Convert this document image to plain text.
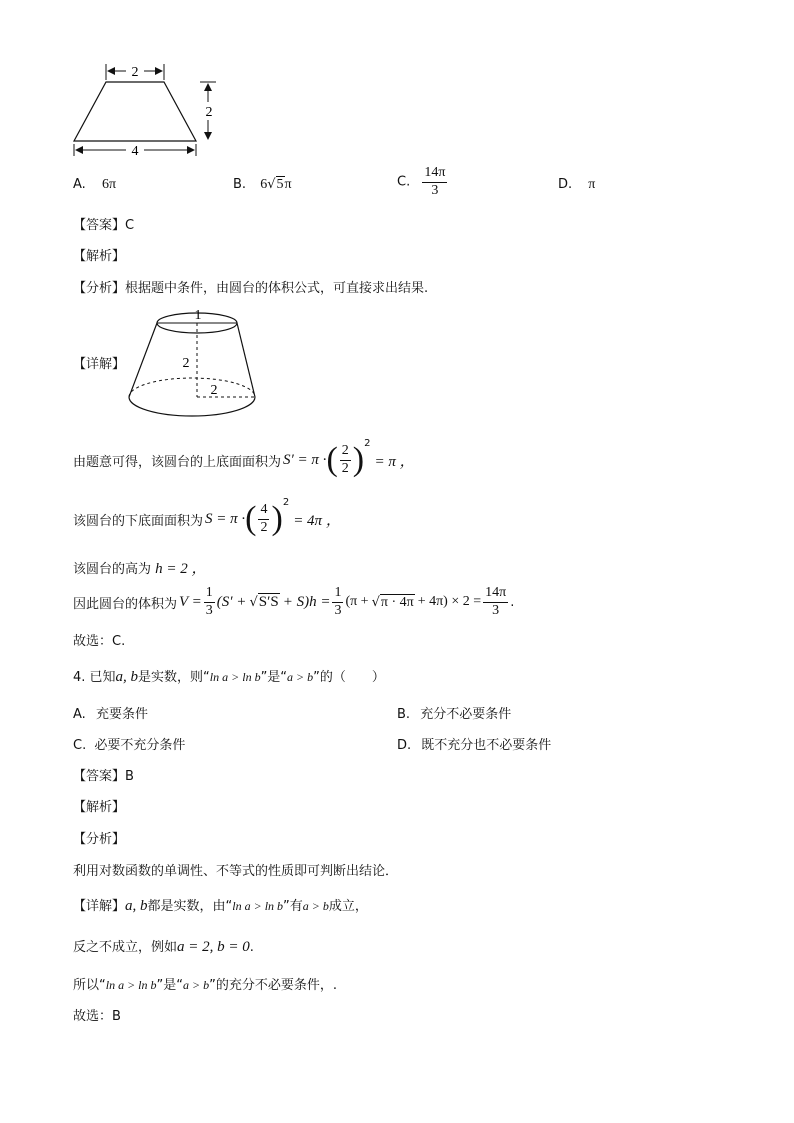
2
2
4
A. 6π	B. 6√5π	C. $\frac{14\pi}{3}$	D. π
【答案】C
【解析】
【分析】根据题中条件，由圆台的体积公式，可直接求出结果.
【详解】
1
2
2
由题意可得，该圆台的上底面面积为 S′ = π · ( $\frac{2}{2}$ ) 2
= π ，
该圆台的下底面面积为 S = π · ( $\frac{4}{2}$ ) 2
= 4π ，
该圆台的高为 h = 2 ，
因此圆台的体积为 $V = \frac{1}{3} (S'$ + √ $S'S + S)h = \frac{1}{3} (\pi$ + √ $\pi \cdot 4\pi + 4\pi) \times 2 = \frac{14\pi}{3}$ .
故选：C.
4. 已知a, b是实数，则“ln a > ln b”是“a > b”的（　　）
A. 充要条件	B. 充分不必要条件
C. 必要不充分条件	D. 既不充分也不必要条件
【答案】B
【解析】
【分析】
利用对数函数的单调性、不等式的性质即可判断出结论．
【详解】a, b都是实数，由“ln a > ln b”有a > b成立，
反之不成立，例如a = 2, b = 0.
所以“ln a > ln b”是“a > b”的充分不必要条件，.
故选：B
